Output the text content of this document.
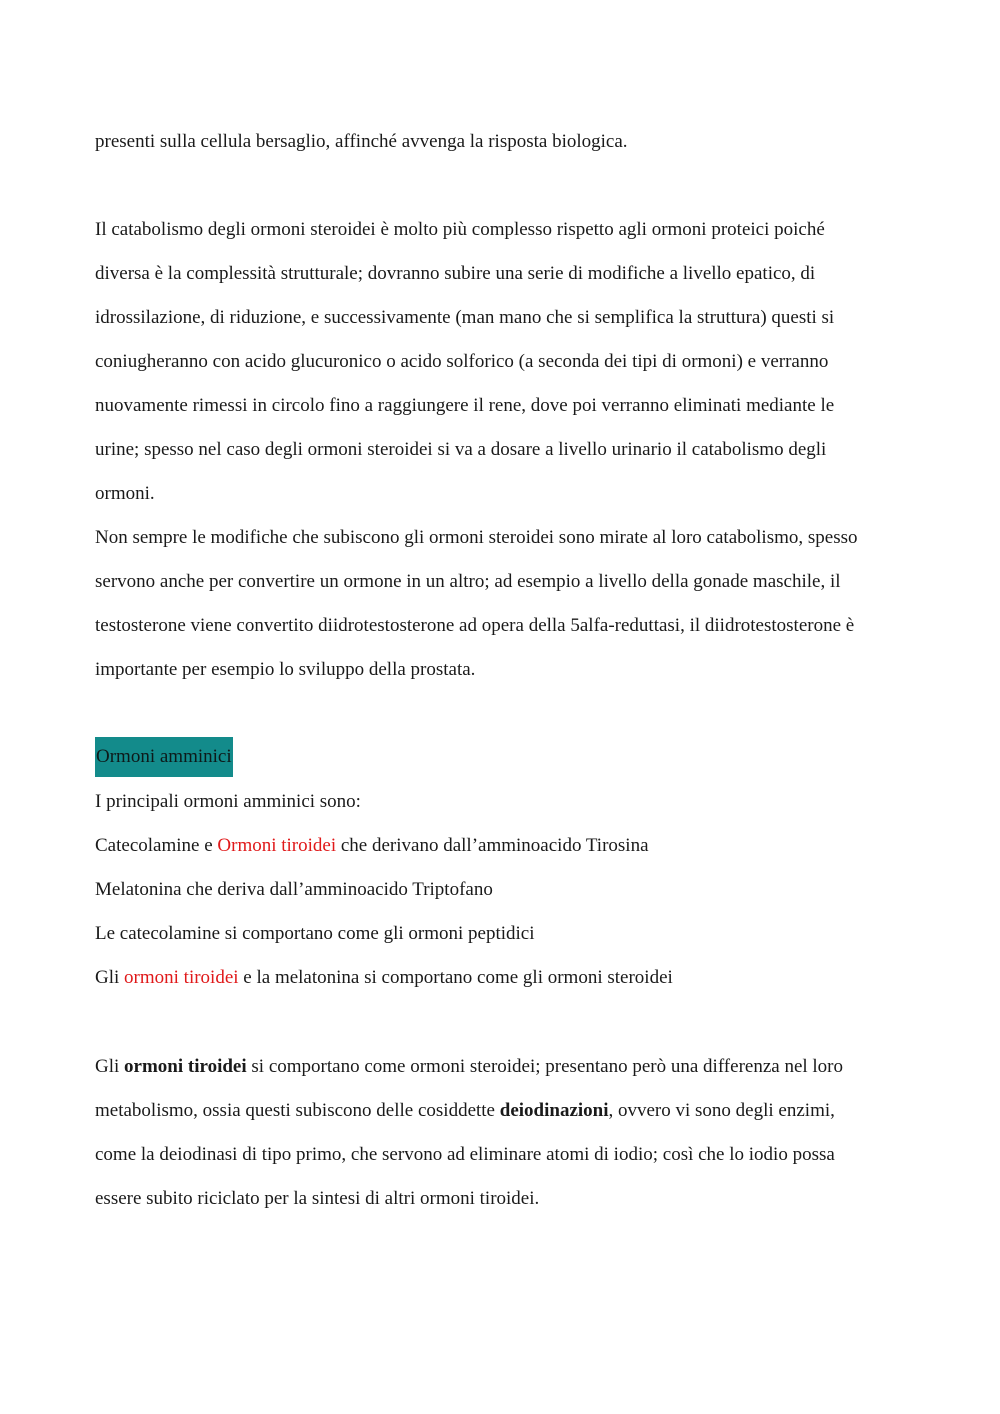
presenti sulla cellula bersaglio, affinché avvenga la risposta biologica.
Il catabolismo degli ormoni steroidei è molto più complesso rispetto agli ormoni proteici poiché
diversa è la complessità strutturale; dovranno subire una serie di modifiche a livello epatico, di
idrossilazione, di riduzione, e successivamente (man mano che si semplifica la struttura) questi si
coniugheranno con acido glucuronico o acido solforico (a seconda dei tipi di ormoni) e verranno
nuovamente rimessi in circolo fino a raggiungere il rene, dove poi verranno eliminati mediante le
urine; spesso nel caso degli ormoni steroidei si va a dosare a livello urinario il catabolismo degli
ormoni.
Non sempre le modifiche che subiscono gli ormoni steroidei sono mirate al loro catabolismo, spesso
servono anche per convertire un ormone in un altro; ad esempio a livello della gonade maschile, il
testosterone viene convertito diidrotestosterone ad opera della 5alfa-reduttasi, il diidrotestosterone è
importante per esempio lo sviluppo della prostata.
Ormoni amminici
I principali ormoni amminici sono:
Catecolamine e Ormoni tiroidei che derivano dall’amminoacido Tirosina
Melatonina che deriva dall’amminoacido Triptofano
Le catecolamine si comportano come gli ormoni peptidici
Gli ormoni tiroidei e la melatonina si comportano come gli ormoni steroidei
Gli ormoni tiroidei si comportano come ormoni steroidei; presentano però una differenza nel loro
metabolismo, ossia questi subiscono delle cosiddette deiodinazioni, ovvero vi sono degli enzimi,
come la deiodinasi di tipo primo, che servono ad eliminare atomi di iodio; così che lo iodio possa
essere subito riciclato per la sintesi di altri ormoni tiroidei.
